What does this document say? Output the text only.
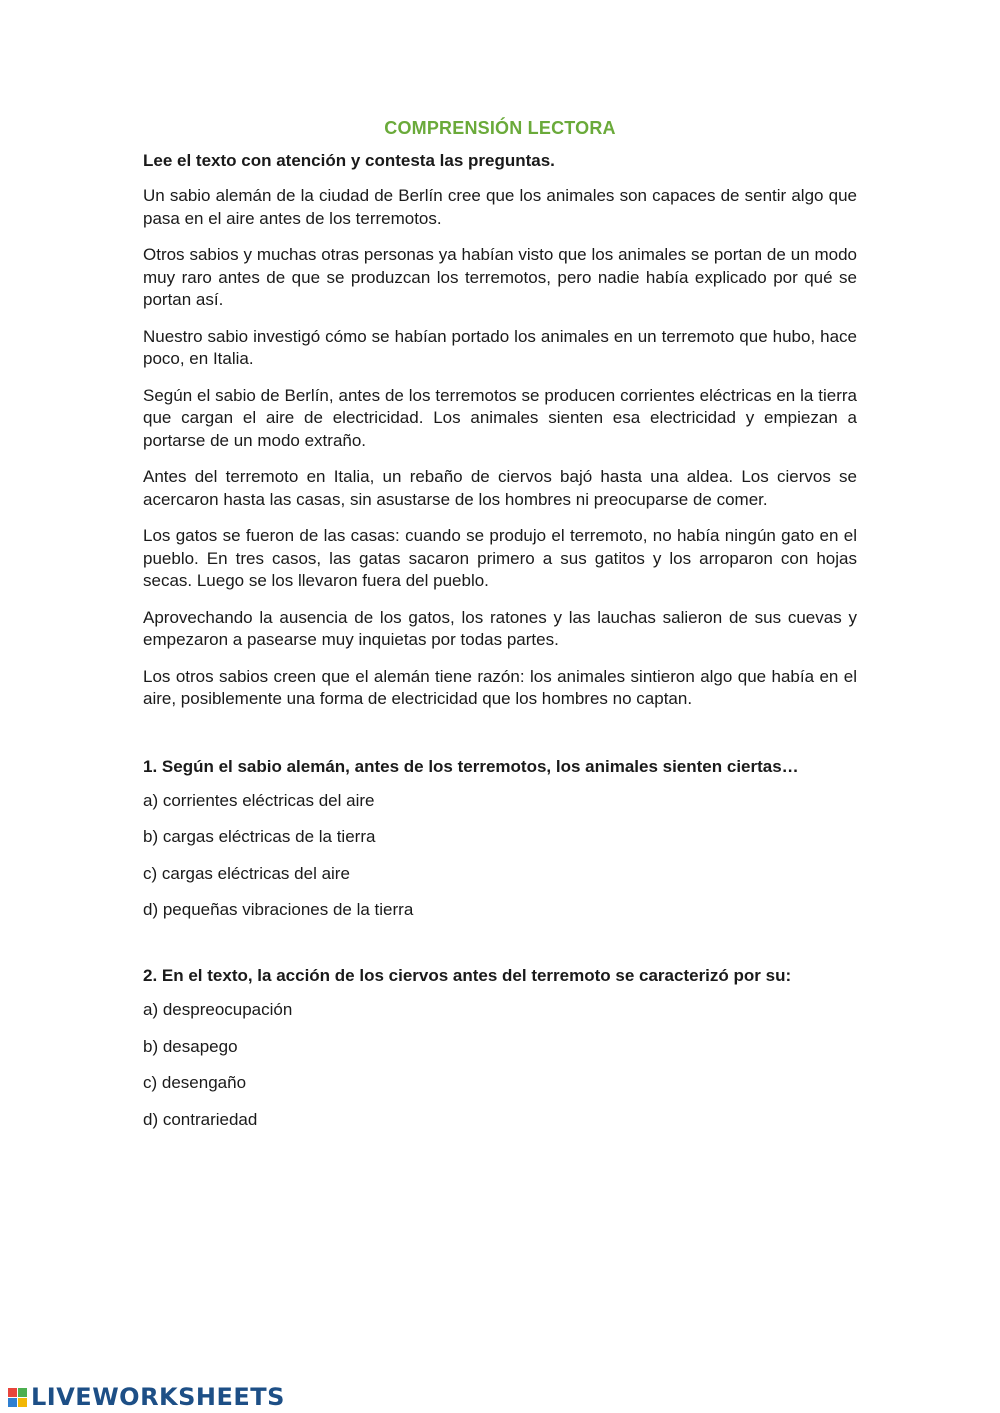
COMPRENSIÓN LECTORA

Lee el texto con atención y contesta las preguntas.

Un sabio alemán de la ciudad de Berlín cree que los animales son capaces de sentir algo que pasa en el aire antes de los terremotos.

Otros sabios y muchas otras personas ya habían visto que los animales se portan de un modo muy raro antes de que se produzcan los terremotos, pero nadie había explicado por qué se portan así.

Nuestro sabio investigó cómo se habían portado los animales en un terremoto que hubo, hace poco, en Italia.

Según el sabio de Berlín, antes de los terremotos se producen corrientes eléctricas en la tierra que cargan el aire de electricidad. Los animales sienten esa electricidad y empiezan a portarse de un modo extraño.

Antes del terremoto en Italia, un rebaño de ciervos bajó hasta una aldea. Los ciervos se acercaron hasta las casas, sin asustarse de los hombres ni preocuparse de comer.

Los gatos se fueron de las casas: cuando se produjo el terremoto, no había ningún gato en el pueblo. En tres casos, las gatas sacaron primero a sus gatitos y los arroparon con hojas secas. Luego se los llevaron fuera del pueblo.

Aprovechando la ausencia de los gatos, los ratones y las lauchas salieron de sus cuevas y empezaron a pasearse muy inquietas por todas partes.

Los otros sabios creen que el alemán tiene razón: los animales sintieron algo que había en el aire, posiblemente una forma de electricidad que los hombres no captan.

1. Según el sabio alemán, antes de los terremotos, los animales sienten ciertas…

a) corrientes eléctricas del aire
b) cargas eléctricas de la tierra
c) cargas eléctricas del aire
d) pequeñas vibraciones de la tierra

2. En el texto, la acción de los ciervos antes del terremoto se caracterizó por su:

a) despreocupación
b) desapego
c) desengaño
d) contrariedad
LIVEWORKSHEETS
